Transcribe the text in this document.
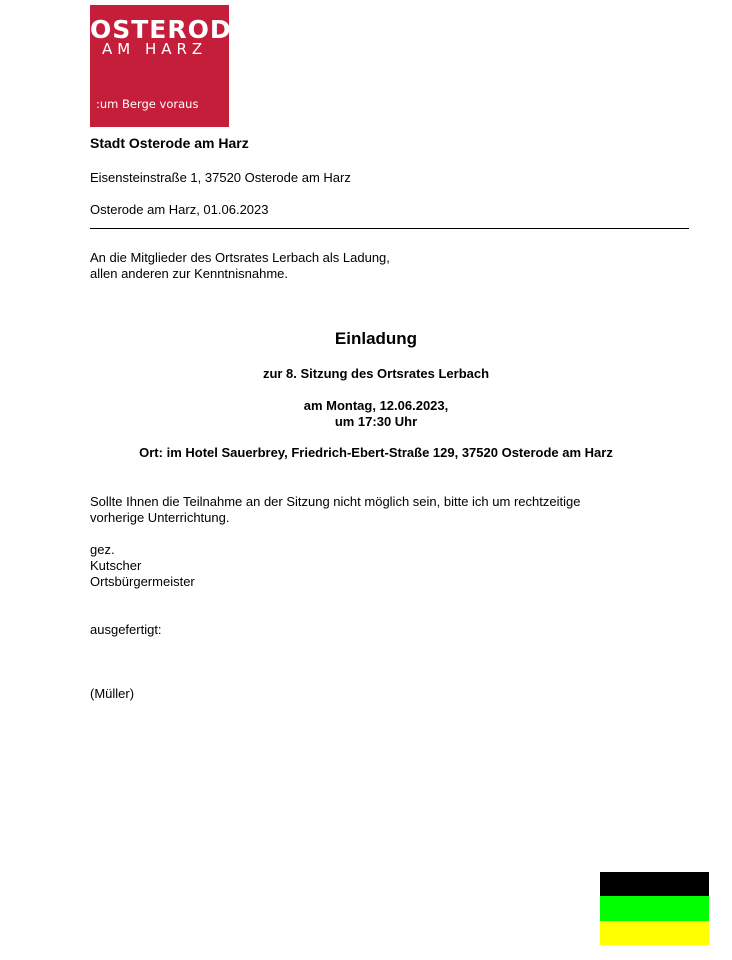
OSTERODE
AM HARZ
:um Berge voraus
Stadt Osterode am Harz
Eisensteinstraße 1, 37520 Osterode am Harz
Osterode am Harz, 01.06.2023
An die Mitglieder des Ortsrates Lerbach als Ladung,
allen anderen zur Kenntnisnahme.
Einladung
zur 8. Sitzung des Ortsrates Lerbach
am Montag, 12.06.2023,
um 17:30 Uhr
Ort: im Hotel Sauerbrey, Friedrich-Ebert-Straße 129, 37520 Osterode am Harz
Sollte Ihnen die Teilnahme an der Sitzung nicht möglich sein, bitte ich um rechtzeitige
vorherige Unterrichtung.
gez.
Kutscher
Ortsbürgermeister
ausgefertigt:
(Müller)
